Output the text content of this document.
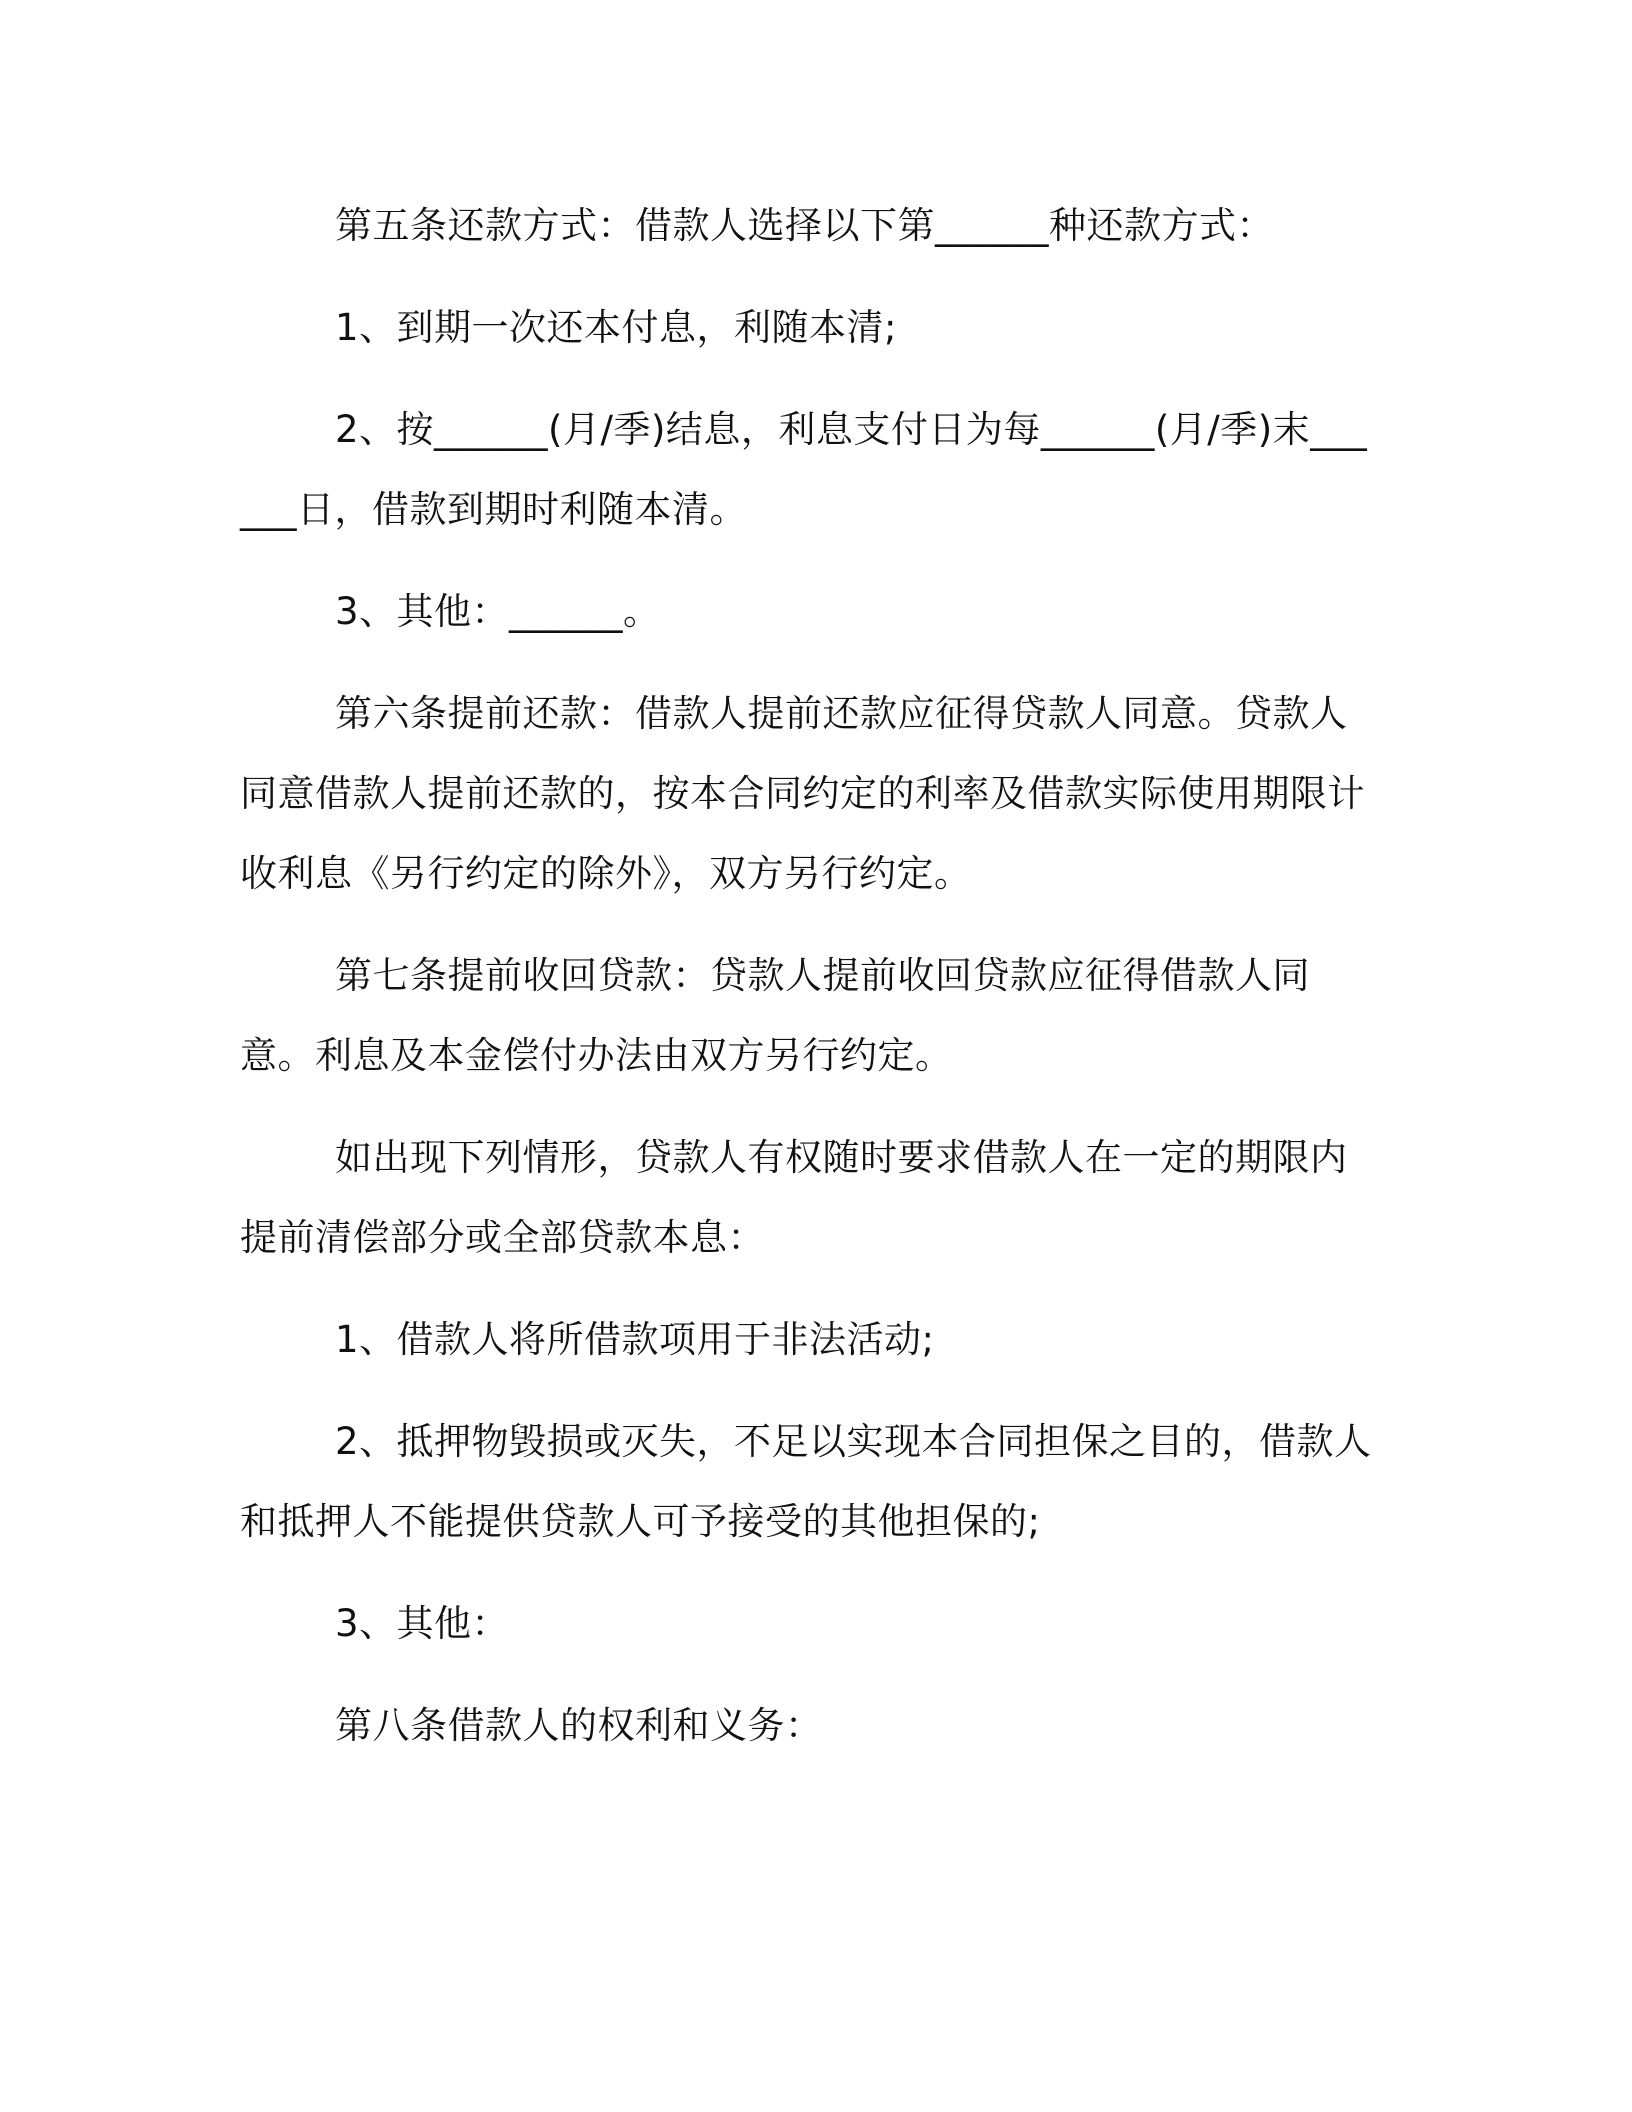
第五条还款方式：借款人选择以下第______种还款方式：

1、到期一次还本付息，利随本清;

2、按______(月/季)结息，利息支付日为每______(月/季)末______日，借款到期时利随本清。

3、其他：______。

第六条提前还款：借款人提前还款应征得贷款人同意。贷款人同意借款人提前还款的，按本合同约定的利率及借款实际使用期限计收利息《另行约定的除外》，双方另行约定。

第七条提前收回贷款：贷款人提前收回贷款应征得借款人同意。利息及本金偿付办法由双方另行约定。

如出现下列情形，贷款人有权随时要求借款人在一定的期限内提前清偿部分或全部贷款本息：

1、借款人将所借款项用于非法活动;

2、抵押物毁损或灭失，不足以实现本合同担保之目的，借款人和抵押人不能提供贷款人可予接受的其他担保的;

3、其他：

第八条借款人的权利和义务：
